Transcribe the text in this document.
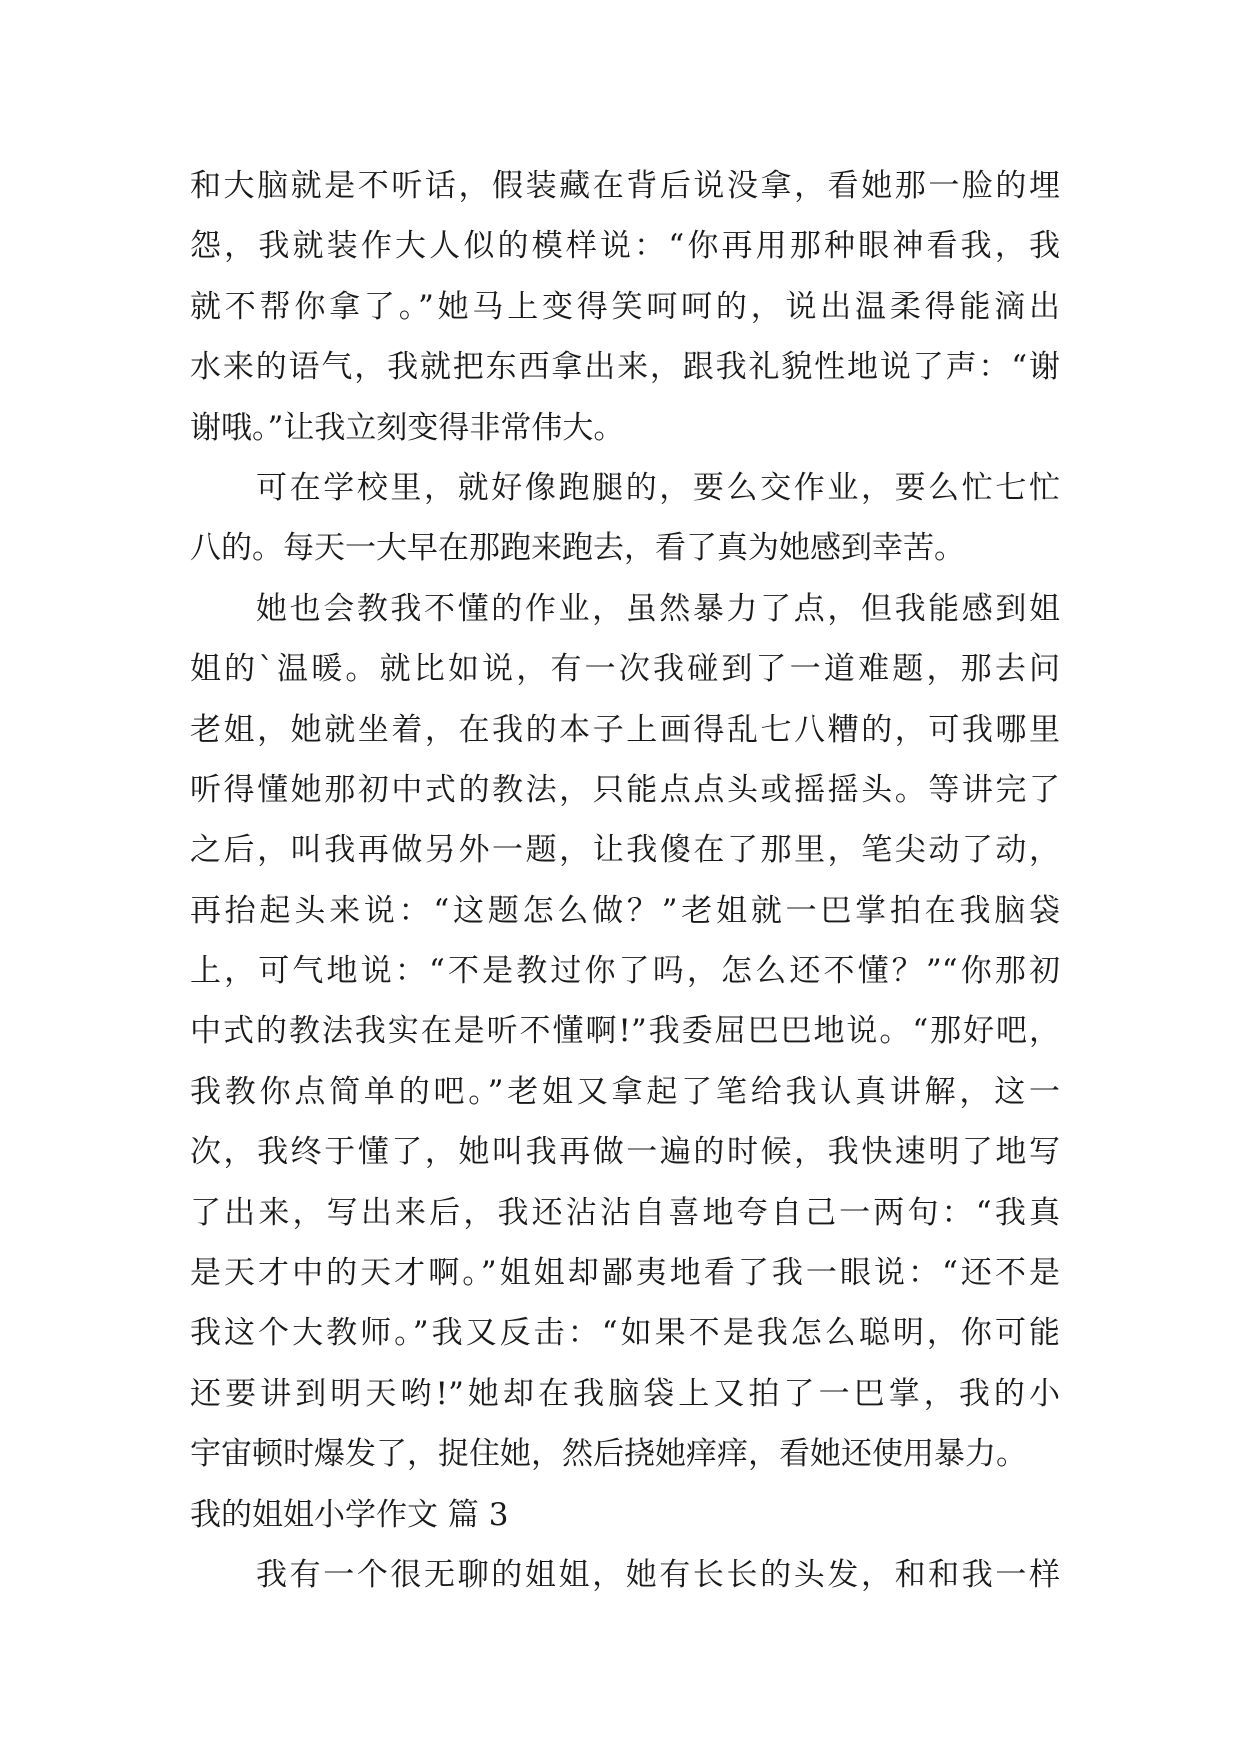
和大脑就是不听话，假装藏在背后说没拿，看她那一脸的埋
怨，我就装作大人似的模样说：“你再用那种眼神看我，我
就不帮你拿了。”她马上变得笑呵呵的，说出温柔得能滴出
水来的语气，我就把东西拿出来，跟我礼貌性地说了声：“谢
谢哦。”让我立刻变得非常伟大。
可在学校里，就好像跑腿的，要么交作业，要么忙七忙
八的。每天一大早在那跑来跑去，看了真为她感到幸苦。
她也会教我不懂的作业，虽然暴力了点，但我能感到姐
姐的`温暖。就比如说，有一次我碰到了一道难题，那去问
老姐，她就坐着，在我的本子上画得乱七八糟的，可我哪里
听得懂她那初中式的教法，只能点点头或摇摇头。等讲完了
之后，叫我再做另外一题，让我傻在了那里，笔尖动了动，
再抬起头来说：“这题怎么做？”老姐就一巴掌拍在我脑袋
上，可气地说：“不是教过你了吗，怎么还不懂？”“你那初
中式的教法我实在是听不懂啊!”我委屈巴巴地说。“那好吧，
我教你点简单的吧。”老姐又拿起了笔给我认真讲解，这一
次，我终于懂了，她叫我再做一遍的时候，我快速明了地写
了出来，写出来后，我还沾沾自喜地夸自己一两句：“我真
是天才中的天才啊。”姐姐却鄙夷地看了我一眼说：“还不是
我这个大教师。”我又反击：“如果不是我怎么聪明，你可能
还要讲到明天哟!”她却在我脑袋上又拍了一巴掌，我的小
宇宙顿时爆发了，捉住她，然后挠她痒痒，看她还使用暴力。
我的姐姐小学作文 篇 3
我有一个很无聊的姐姐，她有长长的头发，和和我一样
